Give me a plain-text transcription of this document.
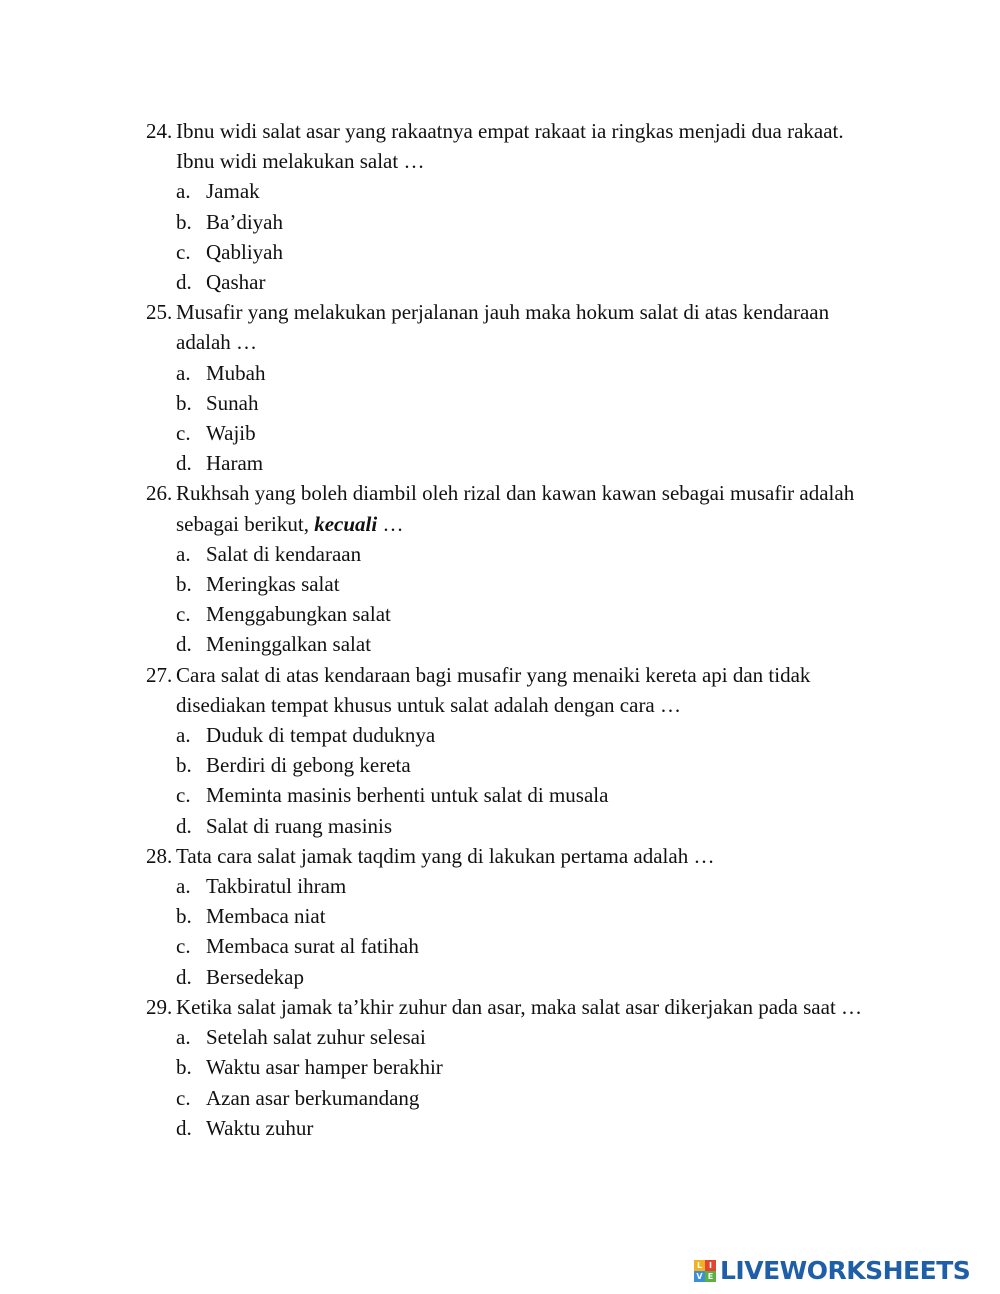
24. Ibnu widi salat asar yang rakaatnya empat rakaat ia ringkas menjadi dua rakaat. Ibnu widi melakukan salat …
a. Jamak
b. Ba’diyah
c. Qabliyah
d. Qashar
25. Musafir yang melakukan perjalanan jauh maka hokum salat di atas kendaraan adalah …
a. Mubah
b. Sunah
c. Wajib
d. Haram
26. Rukhsah yang boleh diambil oleh rizal dan kawan kawan sebagai musafir adalah sebagai berikut, kecuali …
a. Salat di kendaraan
b. Meringkas salat
c. Menggabungkan salat
d. Meninggalkan salat
27. Cara salat di atas kendaraan bagi musafir yang menaiki kereta api dan tidak disediakan tempat khusus untuk salat adalah dengan cara …
a. Duduk di tempat duduknya
b. Berdiri di gebong kereta
c. Meminta masinis berhenti untuk salat di musala
d. Salat di ruang masinis
28. Tata cara salat jamak taqdim yang di lakukan pertama adalah …
a. Takbiratul ihram
b. Membaca niat
c. Membaca surat al fatihah
d. Bersedekap
29. Ketika salat jamak ta’khir zuhur dan asar, maka salat asar dikerjakan pada saat …
a. Setelah salat zuhur selesai
b. Waktu asar hamper berakhir
c. Azan asar berkumandang
d. Waktu zuhur
L I
V E LIVEWORKSHEETS
